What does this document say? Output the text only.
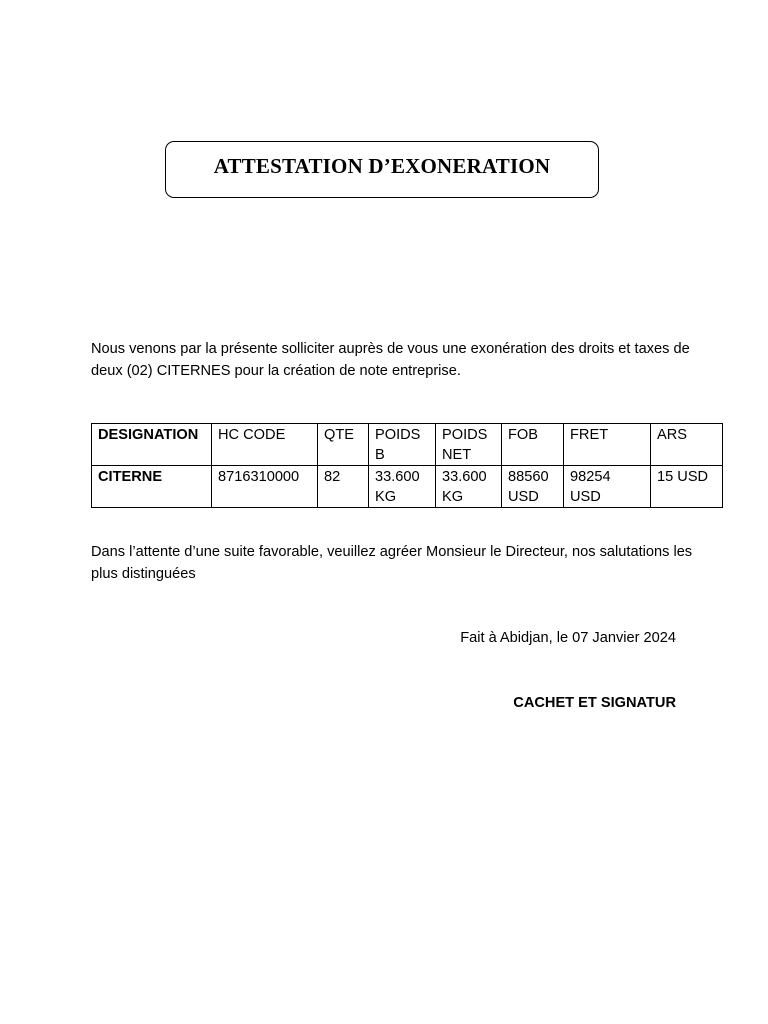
ATTESTATION D’EXONERATION

Nous venons par la présente solliciter auprès de vous une exonération des droits et taxes de deux (02) CITERNES pour la création de note entreprise.

DESIGNATION	HC CODE	QTE	POIDS B	POIDS NET	FOB	FRET	ARS
CITERNE	8716310000	82	33.600 KG	33.600 KG	88560 USD	98254 USD	15 USD

Dans l’attente d’une suite favorable, veuillez agréer Monsieur le Directeur, nos salutations les plus distinguées

Fait à Abidjan, le 07 Janvier 2024
CACHET ET SIGNATUR
